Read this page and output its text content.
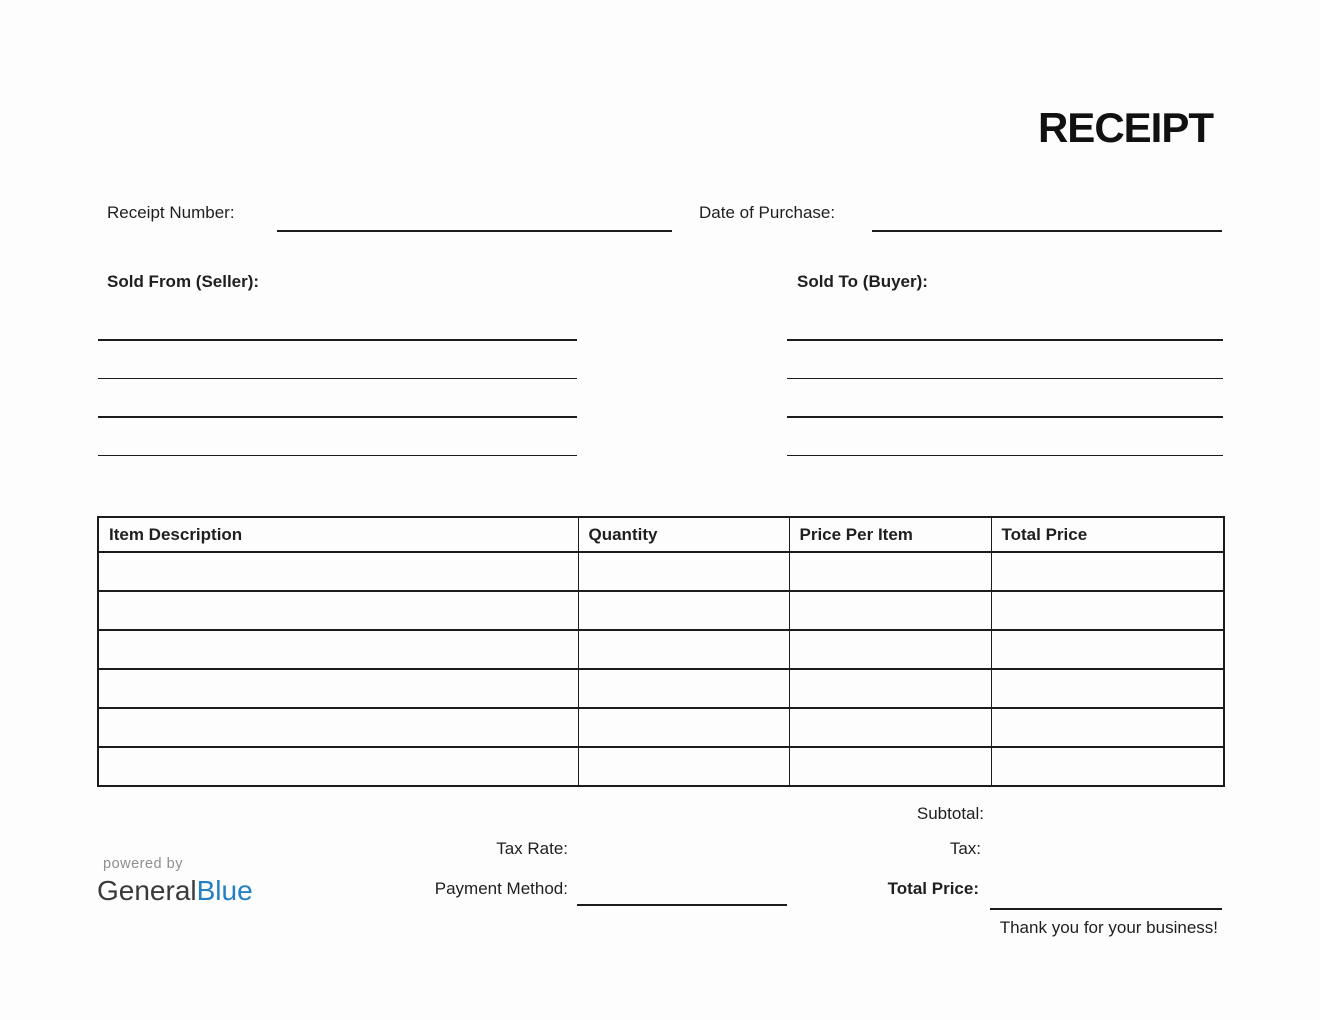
RECEIPT
Receipt Number:	Date of Purchase:
Sold From (Seller):	Sold To (Buyer):
Item Description	Quantity	Price Per Item	Total Price

Subtotal:
Tax Rate:	Tax:
Payment Method:	Total Price:
powered by
GeneralBlue
Thank you for your business!
